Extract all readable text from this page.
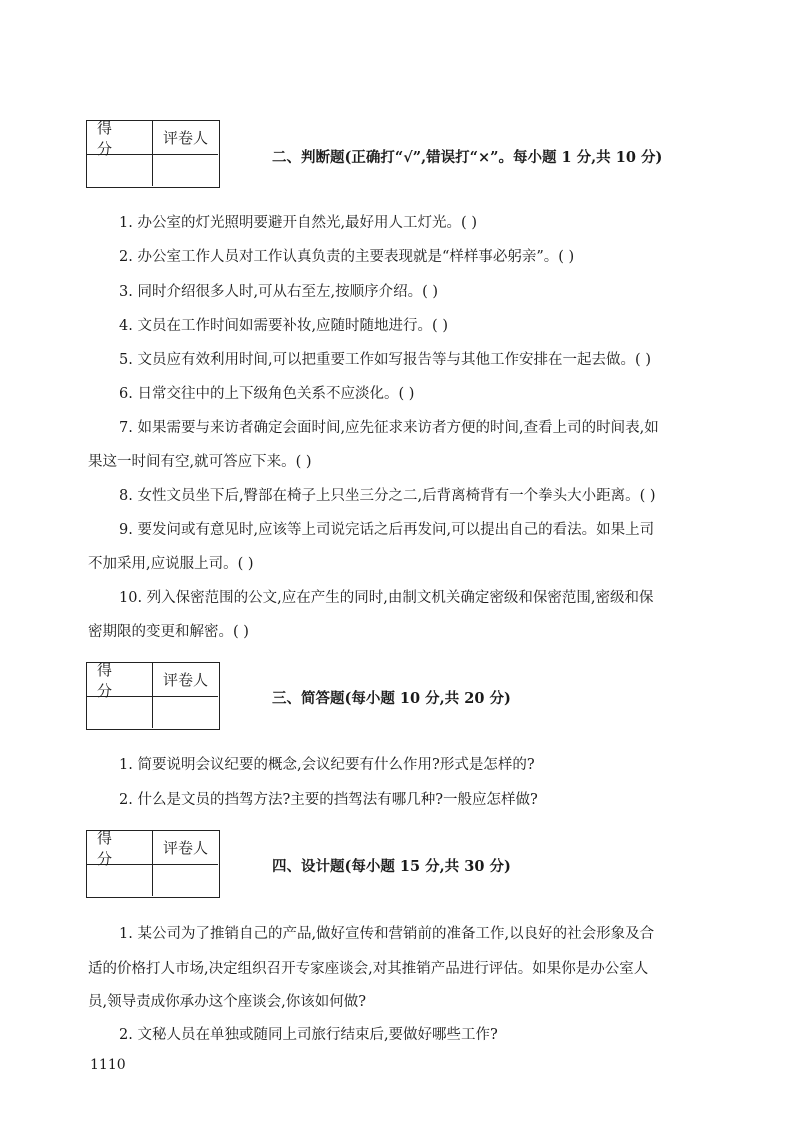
得 分
评卷人
二、判断题(正确打“√”,错误打“×”。每小题 1 分,共 10 分)
1. 办公室的灯光照明要避开自然光,最好用人工灯光。( )
2. 办公室工作人员对工作认真负责的主要表现就是“样样事必躬亲”。( )
3. 同时介绍很多人时,可从右至左,按顺序介绍。( )
4. 文员在工作时间如需要补妆,应随时随地进行。( )
5. 文员应有效利用时间,可以把重要工作如写报告等与其他工作安排在一起去做。( )
6. 日常交往中的上下级角色关系不应淡化。( )
7. 如果需要与来访者确定会面时间,应先征求来访者方便的时间,查看上司的时间表,如
果这一时间有空,就可答应下来。( )
8. 女性文员坐下后,臀部在椅子上只坐三分之二,后背离椅背有一个拳头大小距离。( )
9. 要发问或有意见时,应该等上司说完话之后再发问,可以提出自己的看法。如果上司
不加采用,应说服上司。( )
10. 列入保密范围的公文,应在产生的同时,由制文机关确定密级和保密范围,密级和保
密期限的变更和解密。( )
得 分
评卷人
三、简答题(每小题 10 分,共 20 分)
1. 简要说明会议纪要的概念,会议纪要有什么作用?形式是怎样的?
2. 什么是文员的挡驾方法?主要的挡驾法有哪几种?一般应怎样做?
得 分
评卷人
四、设计题(每小题 15 分,共 30 分)
1. 某公司为了推销自己的产品,做好宣传和营销前的准备工作,以良好的社会形象及合
适的价格打人市场,决定组织召开专家座谈会,对其推销产品进行评估。如果你是办公室人
员,领导责成你承办这个座谈会,你该如何做?
2. 文秘人员在单独或随同上司旅行结束后,要做好哪些工作?
1110
